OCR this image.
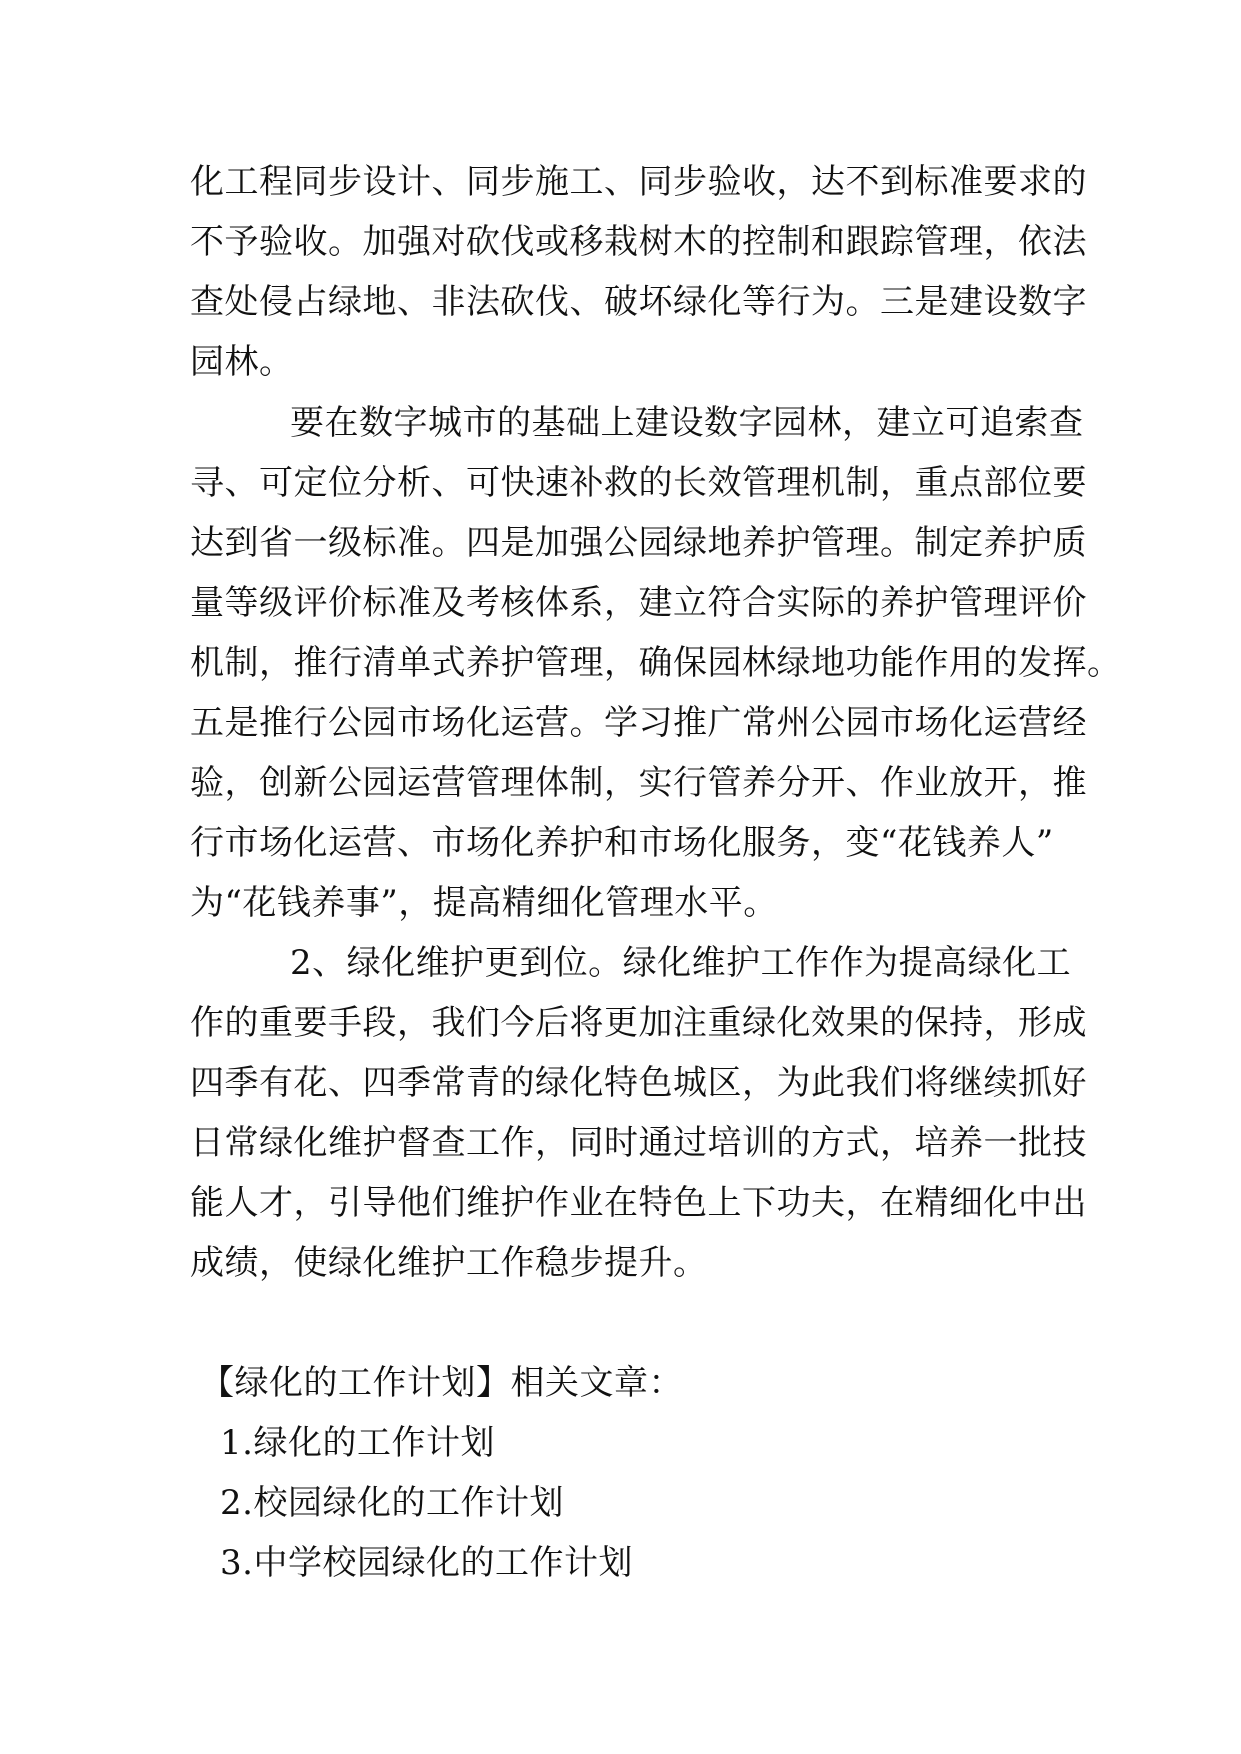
化工程同步设计、同步施工、同步验收，达不到标准要求的
不予验收。加强对砍伐或移栽树木的控制和跟踪管理，依法
查处侵占绿地、非法砍伐、破坏绿化等行为。三是建设数字
园林。
要在数字城市的基础上建设数字园林，建立可追索查
寻、可定位分析、可快速补救的长效管理机制，重点部位要
达到省一级标准。四是加强公园绿地养护管理。制定养护质
量等级评价标准及考核体系，建立符合实际的养护管理评价
机制，推行清单式养护管理，确保园林绿地功能作用的发挥。
五是推行公园市场化运营。学习推广常州公园市场化运营经
验，创新公园运营管理体制，实行管养分开、作业放开，推
行市场化运营、市场化养护和市场化服务，变“花钱养人”
为“花钱养事”，提高精细化管理水平。
2、绿化维护更到位。绿化维护工作作为提高绿化工
作的重要手段，我们今后将更加注重绿化效果的保持，形成
四季有花、四季常青的绿化特色城区，为此我们将继续抓好
日常绿化维护督查工作，同时通过培训的方式，培养一批技
能人才，引导他们维护作业在特色上下功夫，在精细化中出
成绩，使绿化维护工作稳步提升。
【绿化的工作计划】相关文章：
1.绿化的工作计划
2.校园绿化的工作计划
3.中学校园绿化的工作计划
